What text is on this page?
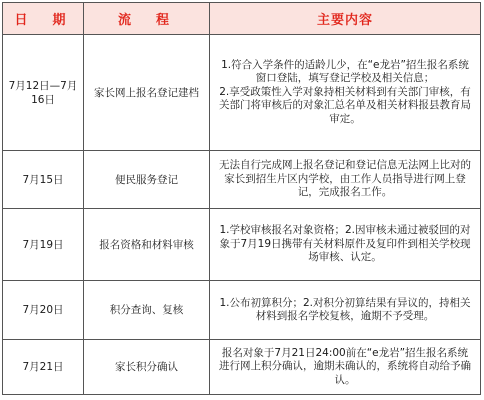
日　期	流　程	主要内容
7月12日—7月16日	家长网上报名登记建档	1.符合入学条件的适龄儿少，在“e龙岩”招生报名系统窗口登陆，填写登记学校及相关信息；
2.享受政策性入学对象持相关材料到有关部门审核，有关部门将审核后的对象汇总名单及相关材料报县教育局审定。

7月15日	便民服务登记	无法自行完成网上报名登记和登记信息无法网上比对的家长到招生片区内学校，由工作人员指导进行网上登记，完成报名工作。

7月19日	报名资格和材料审核	1.学校审核报名对象资格；2.因审核未通过被驳回的对象于7月19日携带有关材料原件及复印件到相关学校现场审核、认定。

7月20日	积分查询、复核	1.公布初算积分；2.对积分初算结果有异议的，持相关材料到报名学校复核，逾期不予受理。

7月21日	家长积分确认	报名对象于7月21日24:00前在“e龙岩”招生报名系统进行网上积分确认，逾期未确认的，系统将自动给予确认。
